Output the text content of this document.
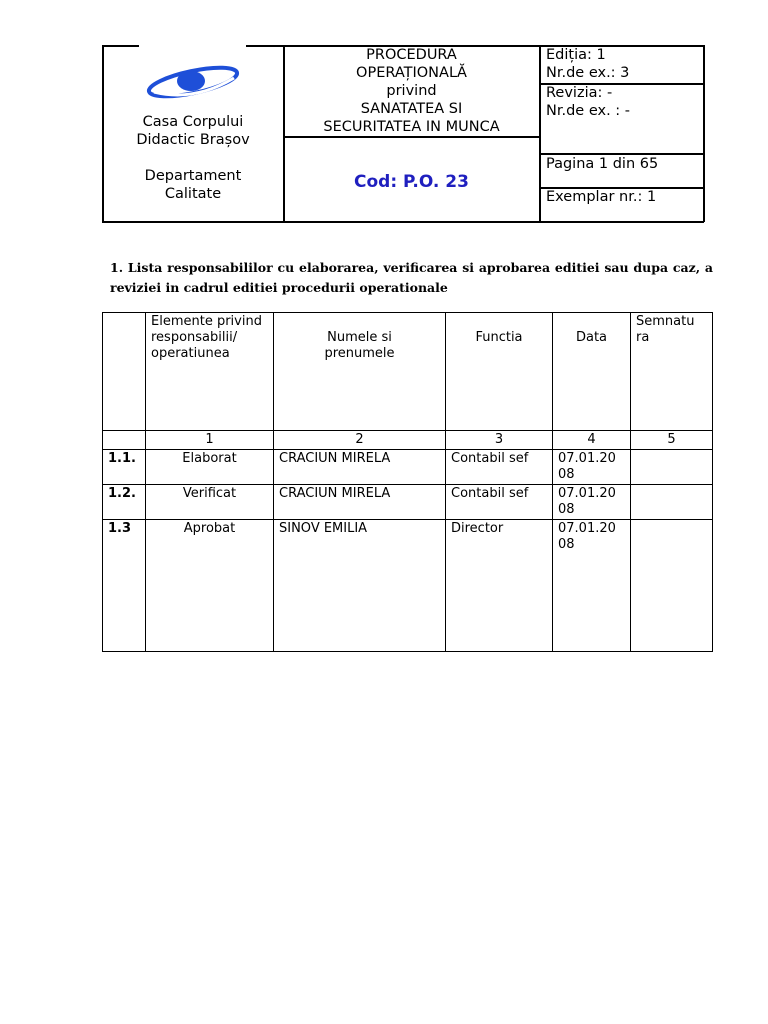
Casa Corpului
Didactic Brașov
Departament
Calitate
PROCEDURA
OPERAȚIONALĂ
privind
SANATATEA SI
SECURITATEA IN MUNCA
Cod: P.O. 23
Ediția: 1
Nr.de ex.: 3
Revizia: -
Nr.de ex. : -
Pagina 1 din 65
Exemplar nr.: 1
1. Lista responsabililor cu elaborarea, verificarea si aprobarea editiei sau dupa caz, a reviziei in cadrul editiei procedurii operationale
	Elemente privind responsabilii/ operatiunea	Numele si prenumele	Functia	Data	Semnatura

	1	2	3	4	5

1.1.	Elaborat	CRACIUN MIRELA	Contabil sef	07.01.2008	

1.2.	Verificat	CRACIUN MIRELA	Contabil sef	07.01.2008	

1.3	Aprobat	SINOV EMILIA	Director	07.01.2008	
